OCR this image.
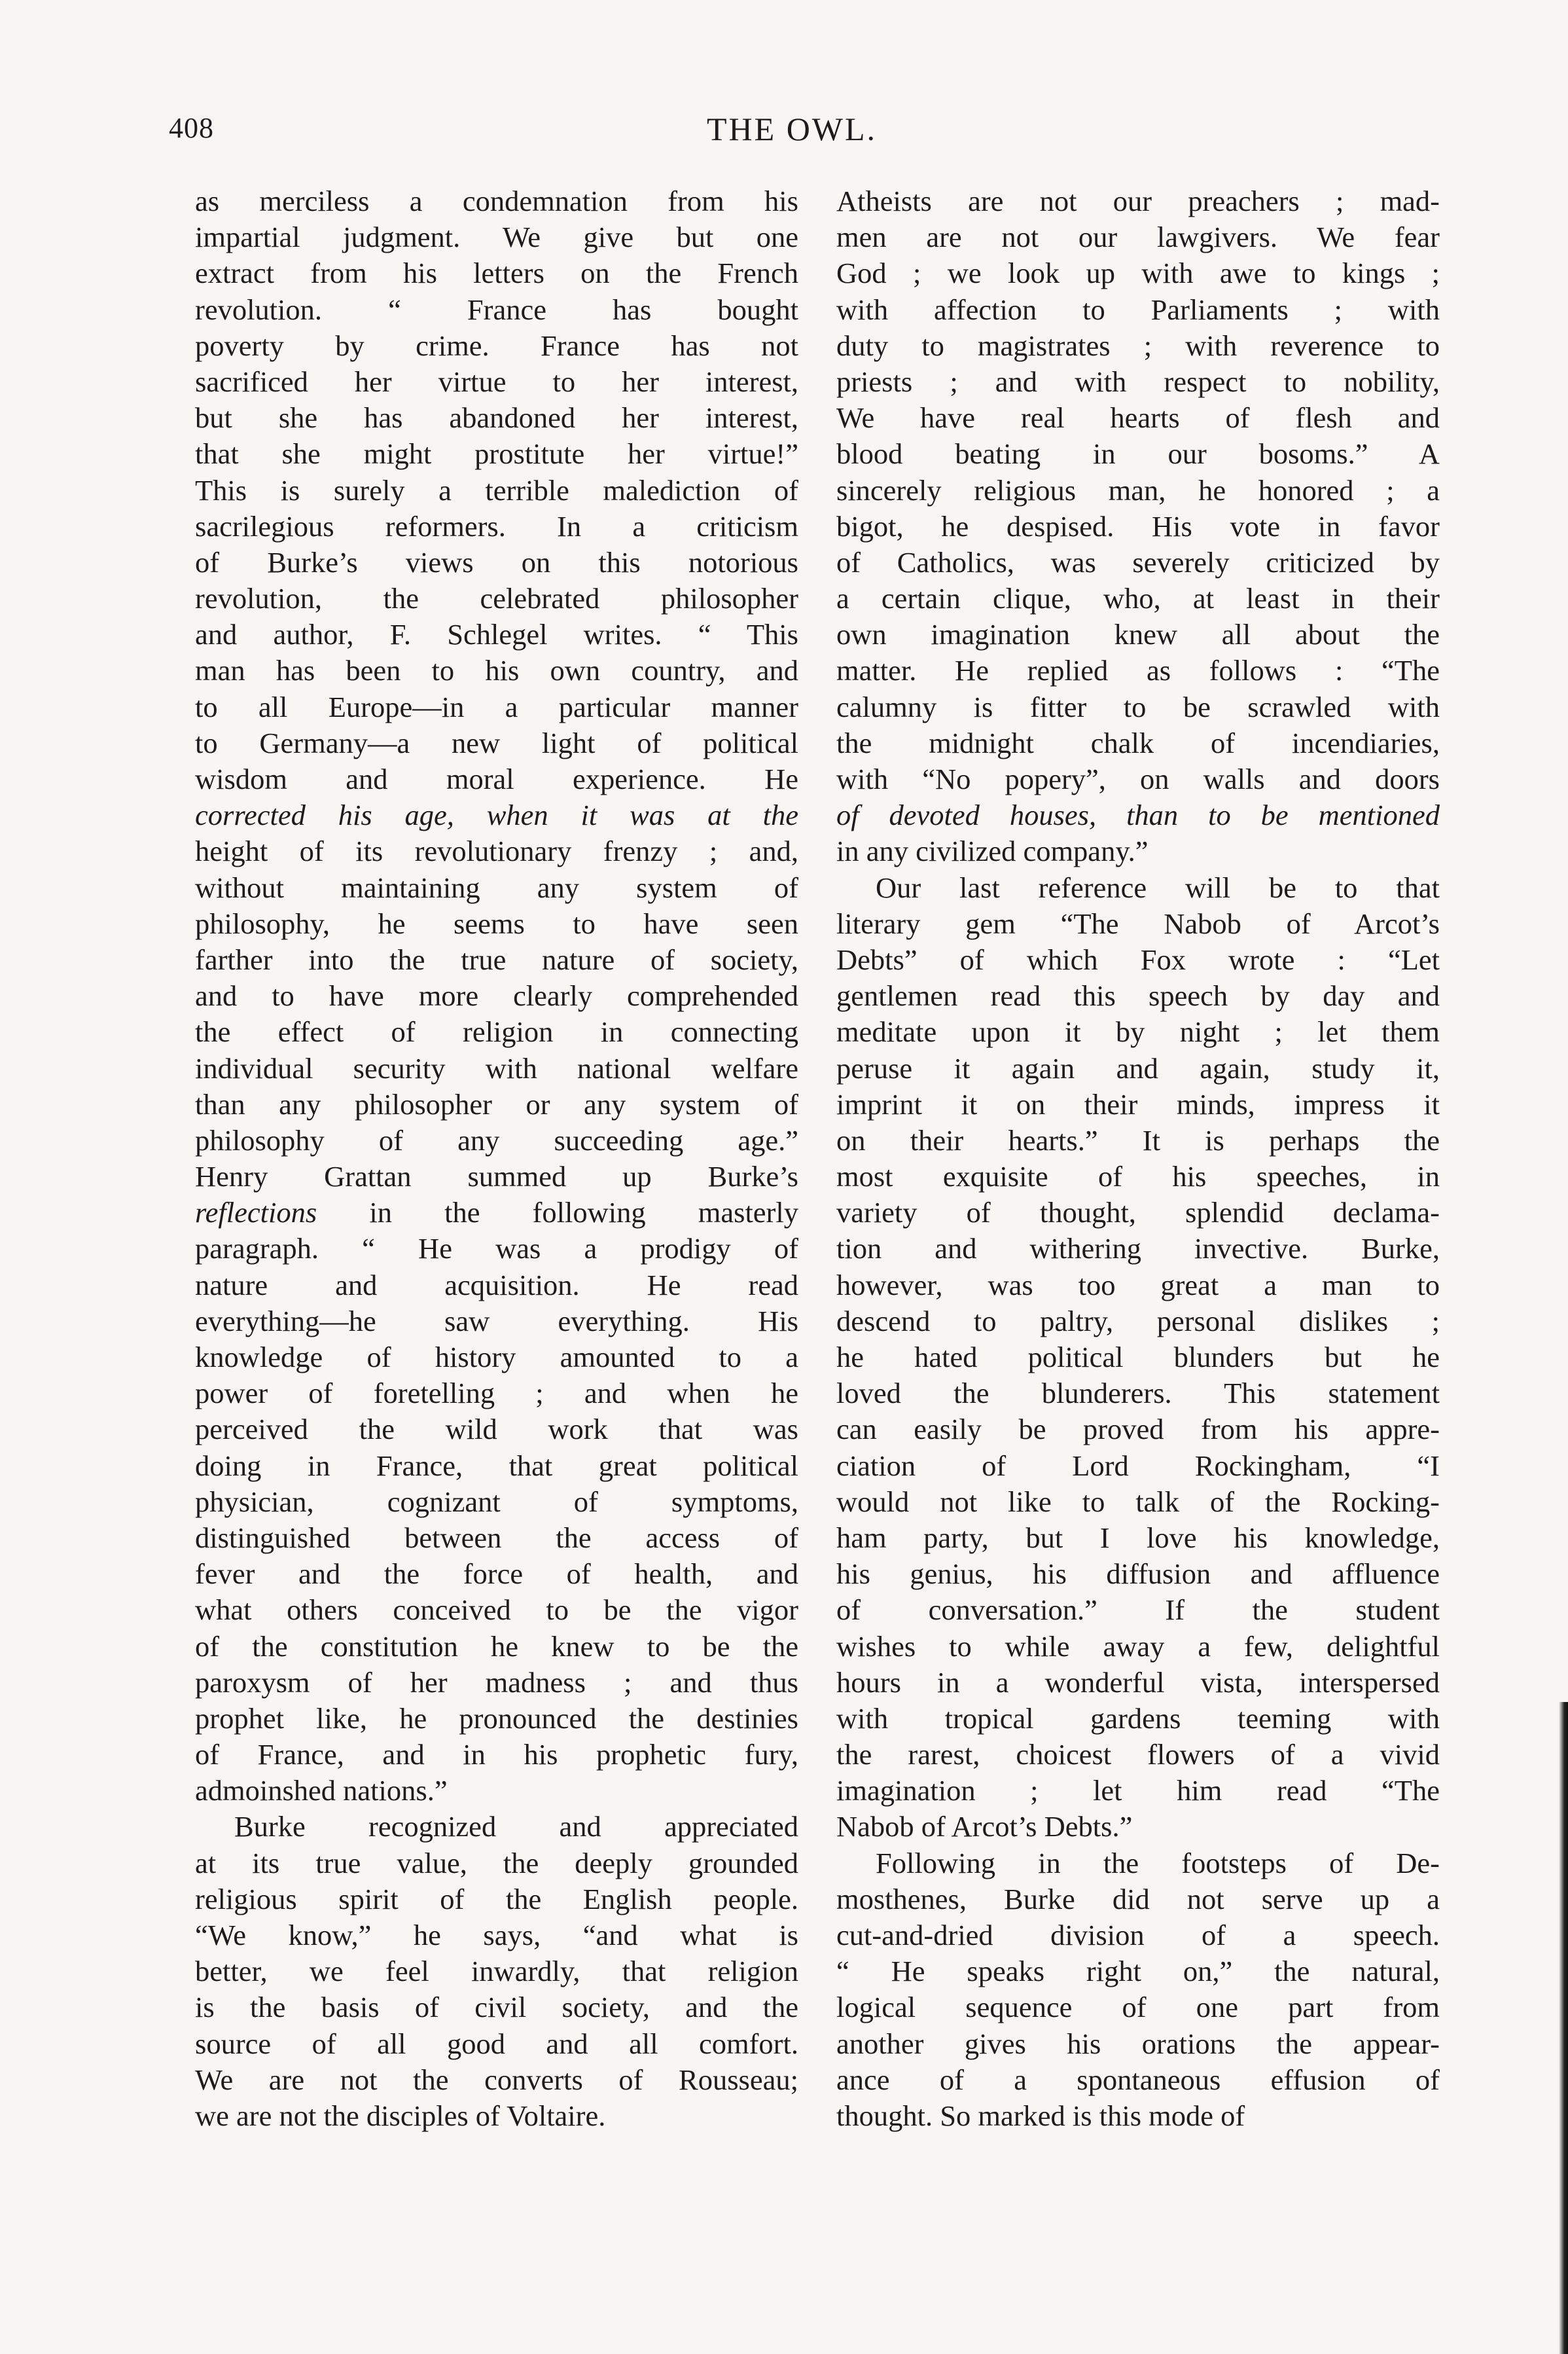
408	THE OWL.
as merciless a condemnation from his
impartial judgment. We give but one
extract from his letters on the French
revolution. “ France has bought
poverty by crime. France has not
sacrificed her virtue to her interest,
but she has abandoned her interest,
that she might prostitute her virtue!”
This is surely a terrible malediction of
sacrilegious reformers. In a criticism
of Burke’s views on this notorious
revolution, the celebrated philosopher
and author, F. Schlegel writes. “ This
man has been to his own country, and
to all Europe—in a particular manner
to Germany—a new light of political
wisdom and moral experience. He
corrected his age, when it was at the
height of its revolutionary frenzy ; and,
without maintaining any system of
philosophy, he seems to have seen
farther into the true nature of society,
and to have more clearly comprehended
the effect of religion in connecting
individual security with national welfare
than any philosopher or any system of
philosophy of any succeeding age.”
Henry Grattan summed up Burke’s
reflections in the following masterly
paragraph. “ He was a prodigy of
nature and acquisition. He read
everything—he saw everything. His
knowledge of history amounted to a
power of foretelling ; and when he
perceived the wild work that was
doing in France, that great political
physician, cognizant of symptoms,
distinguished between the access of
fever and the force of health, and
what others conceived to be the vigor
of the constitution he knew to be the
paroxysm of her madness ; and thus
prophet like, he pronounced the destinies
of France, and in his prophetic fury,
admoinshed nations.”
Burke recognized and appreciated
at its true value, the deeply grounded
religious spirit of the English people.
“We know,” he says, “and what is
better, we feel inwardly, that religion
is the basis of civil society, and the
source of all good and all comfort.
We are not the converts of Rousseau;
we are not the disciples of Voltaire.
Atheists are not our preachers ; mad-
men are not our lawgivers. We fear
God ; we look up with awe to kings ;
with affection to Parliaments ; with
duty to magistrates ; with reverence to
priests ; and with respect to nobility,
We have real hearts of flesh and
blood beating in our bosoms.” A
sincerely religious man, he honored ; a
bigot, he despised. His vote in favor
of Catholics, was severely criticized by
a certain clique, who, at least in their
own imagination knew all about the
matter. He replied as follows : “The
calumny is fitter to be scrawled with
the midnight chalk of incendiaries,
with “No popery”, on walls and doors
of devoted houses, than to be mentioned
in any civilized company.”
Our last reference will be to that
literary gem “The Nabob of Arcot’s
Debts” of which Fox wrote : “Let
gentlemen read this speech by day and
meditate upon it by night ; let them
peruse it again and again, study it,
imprint it on their minds, impress it
on their hearts.” It is perhaps the
most exquisite of his speeches, in
variety of thought, splendid declama-
tion and withering invective. Burke,
however, was too great a man to
descend to paltry, personal dislikes ;
he hated political blunders but he
loved the blunderers. This statement
can easily be proved from his appre-
ciation of Lord Rockingham, “I
would not like to talk of the Rocking-
ham party, but I love his knowledge,
his genius, his diffusion and affluence
of conversation.” If the student
wishes to while away a few, delightful
hours in a wonderful vista, interspersed
with tropical gardens teeming with
the rarest, choicest flowers of a vivid
imagination ; let him read “The
Nabob of Arcot’s Debts.”
Following in the footsteps of De-
mosthenes, Burke did not serve up a
cut-and-dried division of a speech.
“ He speaks right on,” the natural,
logical sequence of one part from
another gives his orations the appear-
ance of a spontaneous effusion of
thought. So marked is this mode of
